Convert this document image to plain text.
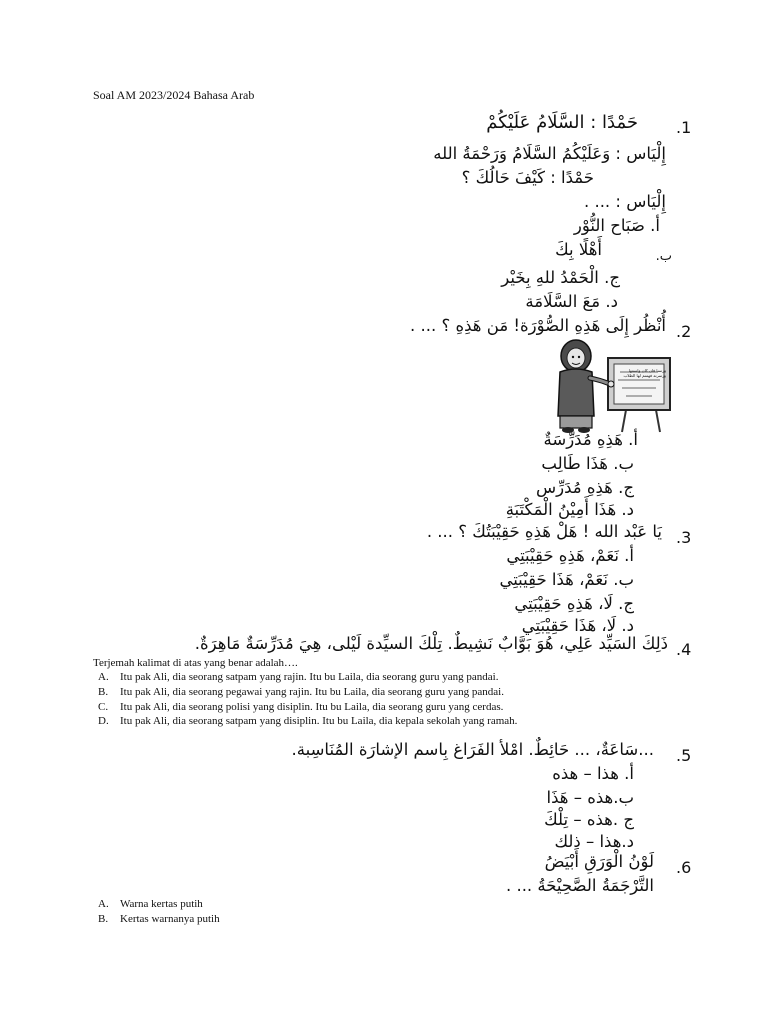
Soal AM 2023/2024 Bahasa Arab
.1
حَمْدًا : السَّلَامُ عَلَيْكُمْ
إِلْيَاس : وَعَلَيْكُمُ السَّلَامُ وَرَحْمَةُ الله
حَمْدًا : كَيْفَ حَالُكَ ؟
إِلْيَاس : ... .
أ. صَبَاح النُّوْر
ب.
أَهْلًا بِكَ
ج. الْحَمْدُ للهِ بِخَيْر
د. مَعَ السَّلَامَة
.2
أُنْظُر إِلَى هَذِهِ الصُّوْرَة! مَن هَذِهِ ؟ ... .
ورسنا فان كان واسمها ورسرته فهمتم لها الطلاب
أ. هَذِهِ مُدَرِّسَةٌ
ب. هَذَا طَالِب
ج. هَذِهِ مُدَرِّس
د. هَذَا أَمِيْنُ الْمَكْتَبَةِ
.3
يَا عَبْد الله ! هَلْ هَذِهِ حَقِيْبَتُكَ ؟ ... .
أ. نَعَمْ، هَذِهِ حَقِيْبَتِي
ب. نَعَمْ، هَذَا حَقِيْبَتِي
ج. لَا، هَذِهِ حَقِيْبَتِي
د. لَا، هَذَا حَقِيْبَتِي
.4
ذَلِكَ السَيِّد عَلِي، هُوَ بَوَّابٌ نَشِيطٌ. تِلْكَ السيِّدة لَيْلى، هِيَ مُدَرِّسَةٌ مَاهِرَةٌ.
Terjemah kalimat di atas yang benar adalah….
A. Itu pak Ali, dia seorang satpam yang rajin. Itu bu Laila, dia seorang guru yang pandai.
B. Itu pak Ali, dia seorang pegawai yang rajin. Itu bu Laila, dia seorang guru yang pandai.
C. Itu pak Ali, dia seorang polisi yang disiplin. Itu bu Laila, dia seorang guru yang cerdas.
D. Itu pak Ali, dia seorang satpam yang disiplin. Itu bu Laila, dia kepala sekolah yang ramah.
.5
...سَاعَةٌ، ... حَائِطٌ. امْلأ الفَرَاغ بِاسم الإشارَة المُنَاسِبة.
أ. هذا – هذه
ب.هذه – هَذَا
ج .هذه – تِلْكَ
د.هذا – ذلك
.6
لَوْنُ الْوَرَقِ أَبْيَضُ
التَّرْجَمَةُ الصَّحِيْحَةُ ... .
A. Warna kertas putih
B. Kertas warnanya putih
